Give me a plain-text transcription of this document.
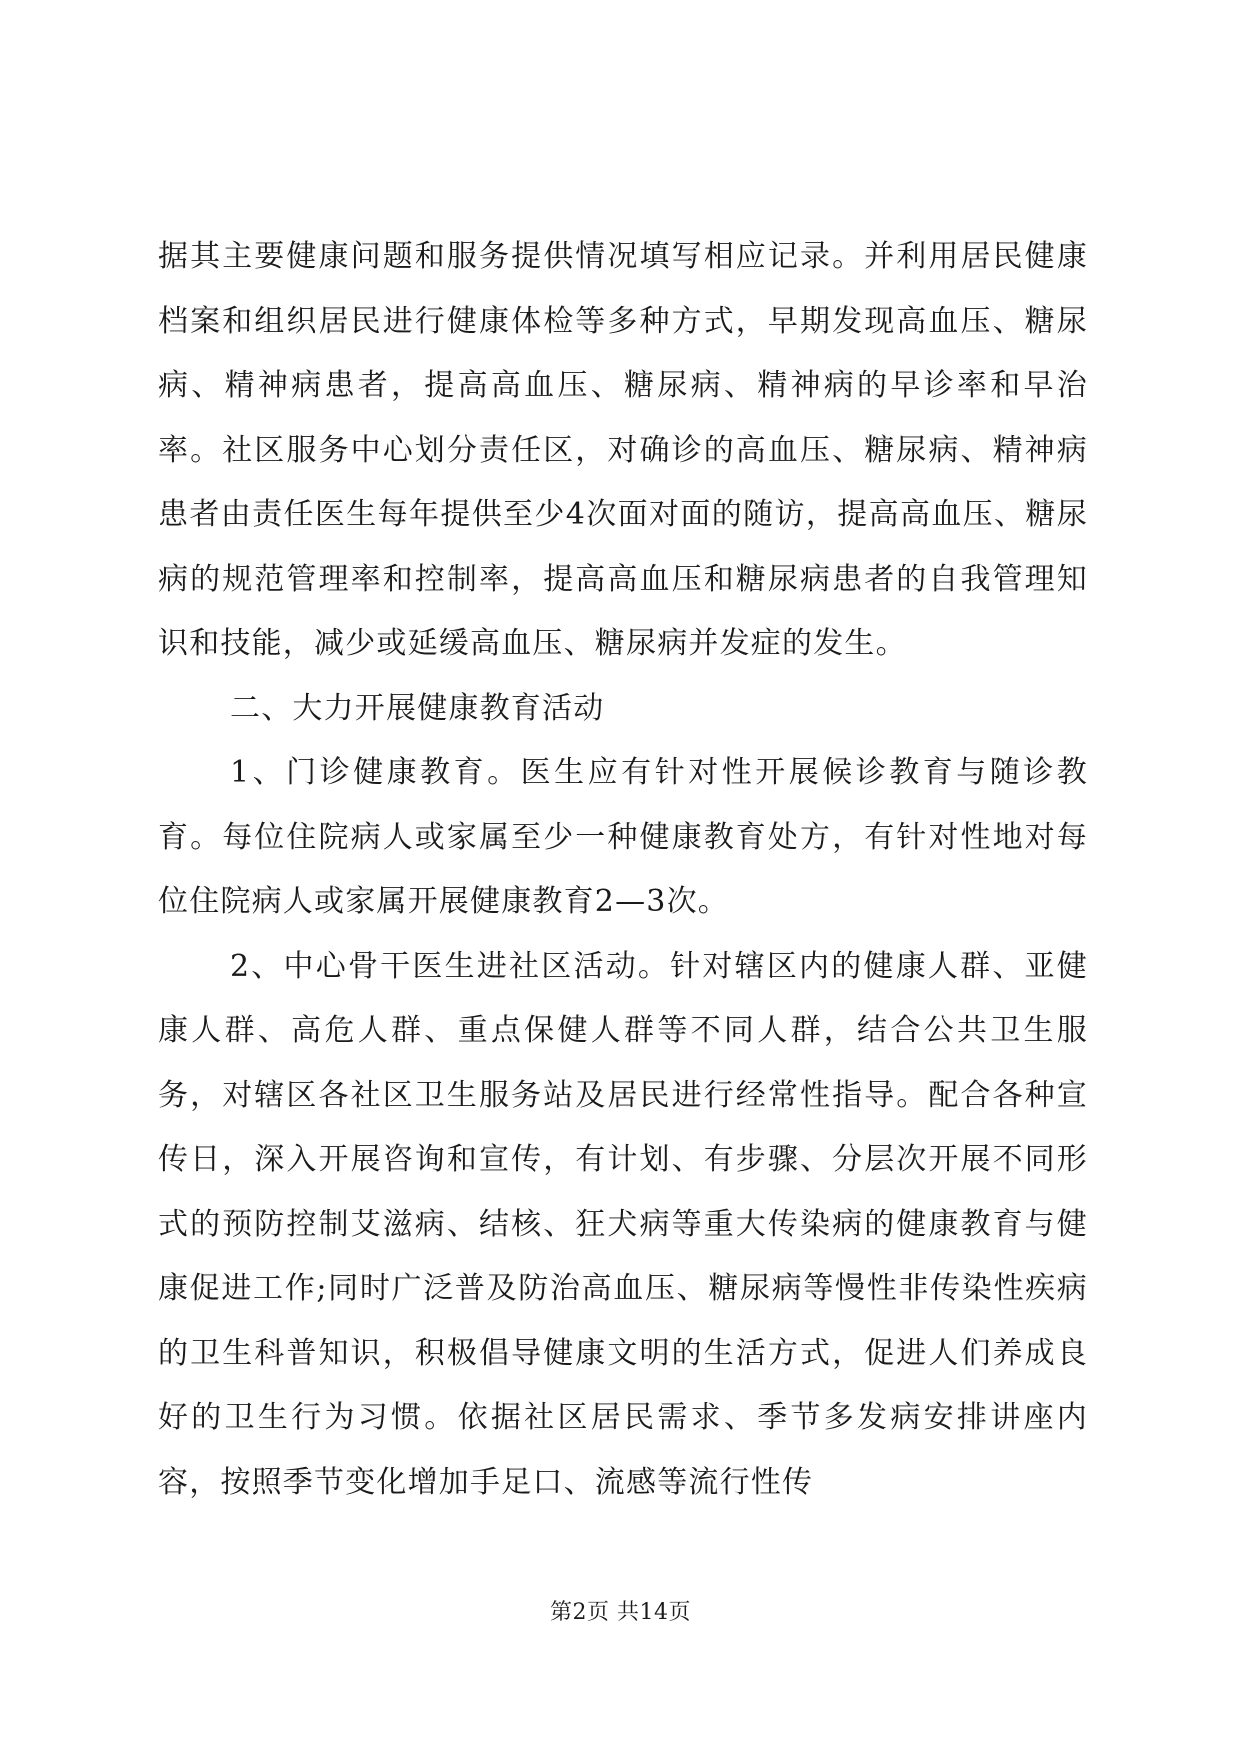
据其主要健康问题和服务提供情况填写相应记录。并利用居民健康档案和组织居民进行健康体检等多种方式，早期发现高血压、糖尿病、精神病患者，提高高血压、糖尿病、精神病的早诊率和早治率。社区服务中心划分责任区，对确诊的高血压、糖尿病、精神病患者由责任医生每年提供至少4次面对面的随访，提高高血压、糖尿病的规范管理率和控制率，提高高血压和糖尿病患者的自我管理知识和技能，减少或延缓高血压、糖尿病并发症的发生。

二、大力开展健康教育活动

1、门诊健康教育。医生应有针对性开展候诊教育与随诊教育。每位住院病人或家属至少一种健康教育处方，有针对性地对每位住院病人或家属开展健康教育2—3次。

2、中心骨干医生进社区活动。针对辖区内的健康人群、亚健康人群、高危人群、重点保健人群等不同人群，结合公共卫生服务，对辖区各社区卫生服务站及居民进行经常性指导。配合各种宣传日，深入开展咨询和宣传，有计划、有步骤、分层次开展不同形式的预防控制艾滋病、结核、狂犬病等重大传染病的健康教育与健康促进工作;同时广泛普及防治高血压、糖尿病等慢性非传染性疾病的卫生科普知识，积极倡导健康文明的生活方式，促进人们养成良好的卫生行为习惯。依据社区居民需求、季节多发病安排讲座内容，按照季节变化增加手足口、流感等流行性传

第2页 共14页
